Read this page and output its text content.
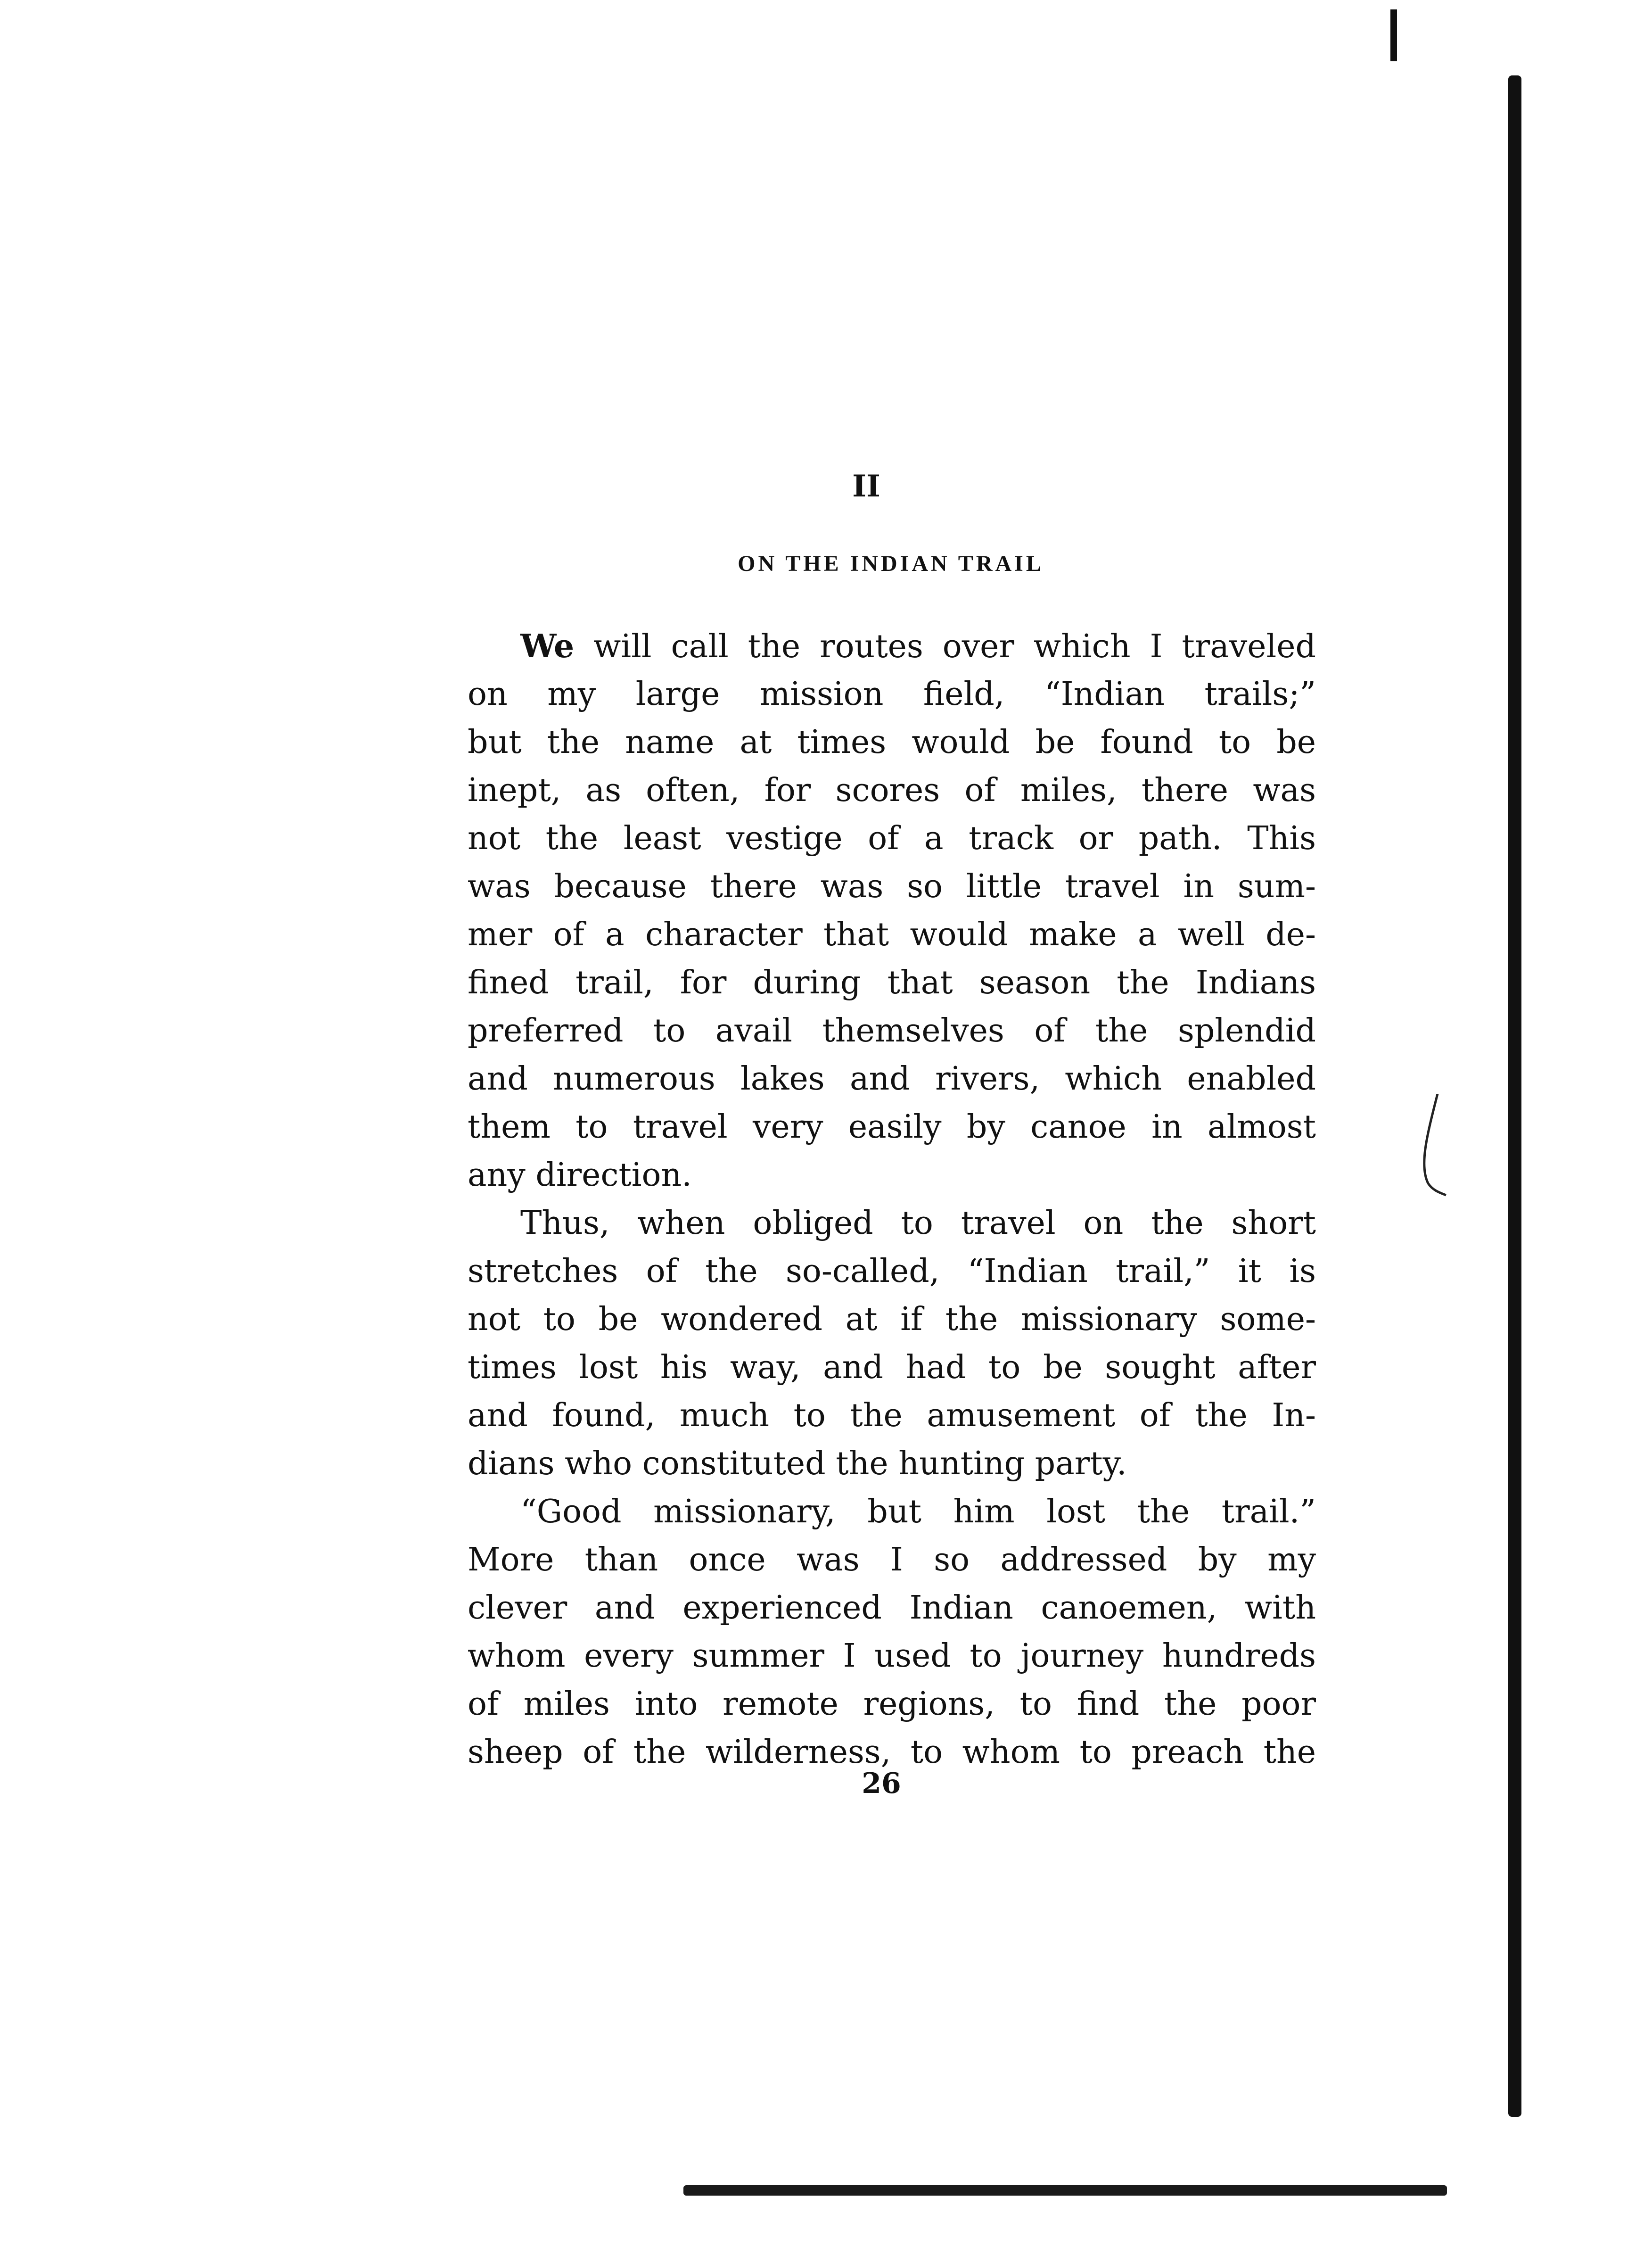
II
ON THE INDIAN TRAIL
We will call the routes over which I traveled
on my large mission field, “Indian trails;”
but the name at times would be found to be
inept, as often, for scores of miles, there was
not the least vestige of a track or path. This
was because there was so little travel in sum-
mer of a character that would make a well de-
fined trail, for during that season the Indians
preferred to avail themselves of the splendid
and numerous lakes and rivers, which enabled
them to travel very easily by canoe in almost
any direction.
Thus, when obliged to travel on the short
stretches of the so-called, “Indian trail,” it is
not to be wondered at if the missionary some-
times lost his way, and had to be sought after
and found, much to the amusement of the In-
dians who constituted the hunting party.
“Good missionary, but him lost the trail.”
More than once was I so addressed by my
clever and experienced Indian canoemen, with
whom every summer I used to journey hundreds
of miles into remote regions, to find the poor
sheep of the wilderness, to whom to preach the
26
